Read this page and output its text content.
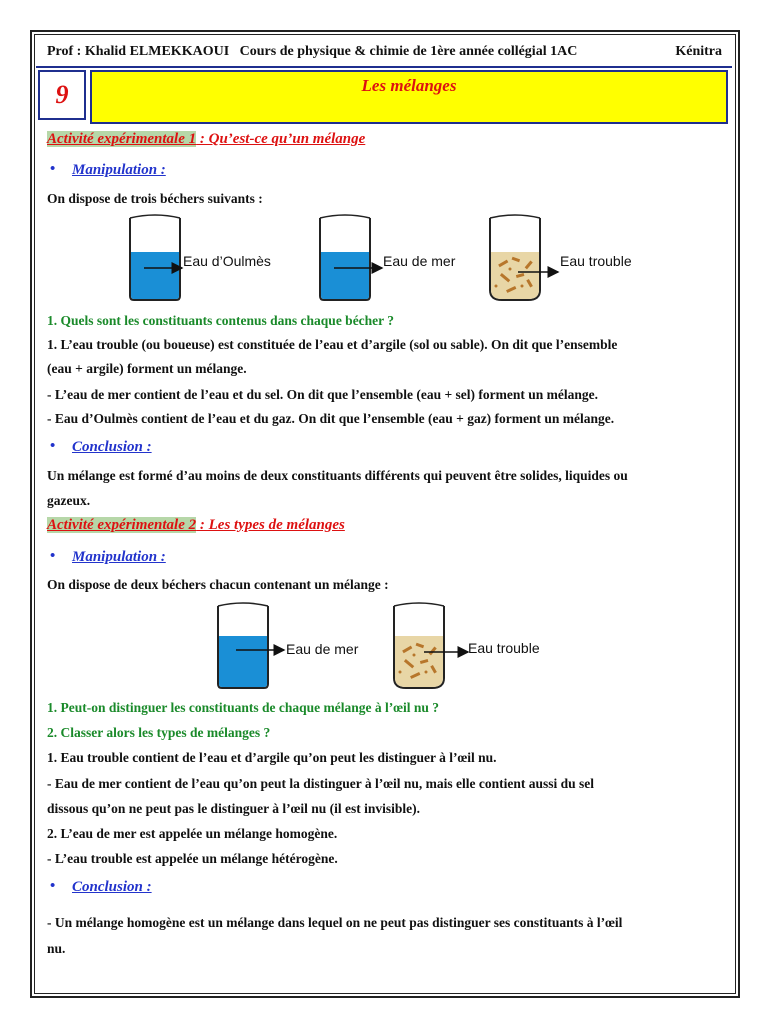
Prof : Khalid ELMEKKAOUI   Cours de physique & chimie de 1ère année collégial 1AC	Kénitra
9	Les mélanges
Activité expérimentale 1 : Qu’est-ce qu’un mélange
• Manipulation :
On dispose de trois béchers suivants :
Eau d’Oulmès	Eau de mer	Eau trouble
1. Quels sont les constituants contenus dans chaque bécher ?
1. L’eau trouble (ou boueuse) est constituée de l’eau et d’argile (sol ou sable). On dit que l’ensemble
(eau + argile) forment un mélange.
- L’eau de mer contient de l’eau et du sel. On dit que l’ensemble (eau + sel) forment un mélange.
- Eau d’Oulmès contient de l’eau et du gaz. On dit que l’ensemble (eau + gaz) forment un mélange.
• Conclusion :
Un mélange est formé d’au moins de deux constituants différents qui peuvent être solides, liquides ou
gazeux.
Activité expérimentale 2 : Les types de mélanges
• Manipulation :
On dispose de deux béchers chacun contenant un mélange :
Eau de mer	Eau trouble
1. Peut-on distinguer les constituants de chaque mélange à l’œil nu ?
2. Classer alors les types de mélanges ?
1. Eau trouble contient de l’eau et d’argile qu’on peut les distinguer à l’œil nu.
- Eau de mer contient de l’eau qu’on peut la distinguer à l’œil nu, mais elle contient aussi du sel
dissous qu’on ne peut pas le distinguer à l’œil nu (il est invisible).
2. L’eau de mer est appelée un mélange homogène.
- L’eau trouble est appelée un mélange hétérogène.
• Conclusion :
- Un mélange homogène est un mélange dans lequel on ne peut pas distinguer ses constituants à l’œil
nu.
